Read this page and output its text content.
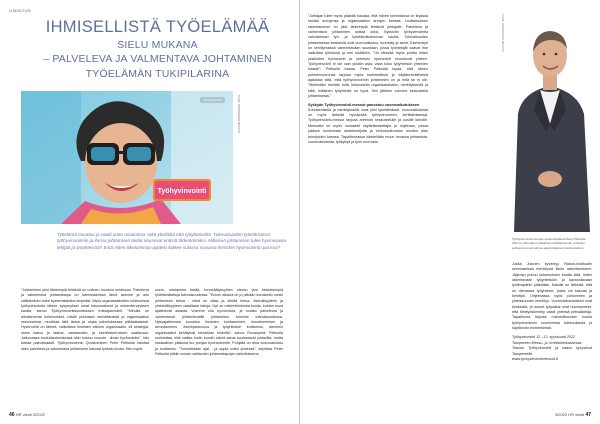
ILMOITUS
IHMISELLISTÄ TYÖELÄMÄÄ
SIELU MUKANA
– PALVELEVA JA VALMENTAVA JOHTAMINEN
TYÖELÄMÄN TUKIPILARINA
Työhyvinvointi
Työhyvinvointi	KUVA: TAMPEREEN MESSUT
Työelämä muuttuu ja vaatii uutta osaamista sekä yksilöiltä että työyhteisöltä. Tulevaisuuden työelämässä työhyvinvoinnin ja ilonsa johtamisen tiedot nousevat entistä tärkeämmiksi. Millaisen johtamisen tulee hyvinvoivaa tekijää ja työyhteisöä? Entä miten liiketoiminta-ajattelu kulkee sulassa sovussa ihmisten hyvinvoinnin parissa?

”Johtamisen yksi tärkeimpiä tehtäviä on uutinen muutoin omaisuus. Palveleva ja valmentava johtamistapa on kannustavissa tämä asenne ja aito välittäminen tulee kyseenalaisiksi tarpeiksi. Myös organisaatioiden kulttuurissa työhyvinvointia lähtee kysymykset omat toisuusalueet ja mielenterveyksen kautta, sanoo Työhyvinvointisuosituksen entisajanmallit. ”Minulla on aikaisemmat kokemukset, mikäli puhutaan merkittävästä ja organisaation resursseista, muokkaa tätä tietoa ja ohjaa palveluksessa pitkäaikaisesti. Hyvinvointi on tärkeä, vaikuttava ihmisten välinen organisaatio, eli strategia, usein kasvu ja laatua, vastaanotto- ja esimieskerroksen saatavuus. Jatkuvassa kouluttautumisessa näin toistuu vuoroin - ilman hyvinvointia”, hän toteaa painokkaasti. Työhyvinvoinnin Quosiominen Peter Peltsolla halutaa siten palveleva ja valmentava johtaminen kasvaa työkalu koota. Hän myös

usein, odotamme tietää, tunneäälyksyihen olevan yksi keskeisimpiä työelämätaitoja tulevaisuudessa. ”Ennen aikana on jo pitkään korostettu oman johtamisen taitoa - mikä on ottaa ja siirtää tietoa. Itsenäisyyteen ja yhteisöllisyyteen vaaditaan taitoja. Nyt on mielenkiintoista kuulla, kuinka muut ajattelevat asiasta. Voimme olla hyvinvoivia, ja ovatko palvelevat ja valmentavat johtamismallit johtamisen toimivia tulevaisuudessa. Nykyajattelussa korostuu ihmisten kohtaaminen, kuunteleminen ja arvostaminen, itseohjautuvuus ja työyhteisön luottamus, aiemmin organisaatiot kehittyivät hierarkian ehdoilla”, sanoo Rovanperä. Peltsolla muistuttaa, että vaikka tosiin korviin nämä sanat kuulostavat juhlavilta, mutta sosiaalinen pääoma luo pohjaa hyvinvoinnille. Pohjalla on aina vuorovaikutus ja luottamus. ”Tunnistetaan ajat - ja oppia uutta yhdessä”, kirjoittaa Peter Peltsolla pitkiin vuosin vaihtuvien johtamistapojen tarkoituksena.

46 HR viesti 3/2022

”Johtajan tulee myös pääsitä halutaa, että hänen toimintansa on linjassa heidän arvojensa ja organisaation arvojen kanssa. Luottamuksen rakentaminen on yksi tärkeimpiä tehtäviä johtajalle. Palveleva ja valmentava johtaminen auttaa siinä, Sykkivän työhyvinvointia vahvistetaan työ- ja työelämätoiminnan kautta. Tulevaisuuden johtamisessa keskeisiä ovat vuorovaikutus, tunneäly ja arvot. Esimiestyö on kehittymässä valmentavaan suuntaan, jossa työntekijät saavat itse vaikuttaa työhönsä ja sen sisältöön. ”On tärkeää myös pohtia miten yksilöiden hyvinvointi ja yhteisön hyvinvointi nivoutuvat yhteen. Työhyvinvointi ei ole vain yksilön asia, vaan koko työyhteisön yhteinen haaste”, Peltsolla toteaa. Peter Peltsolla lupaa, että hänen puheenvuoronsa tarjoaa myös konkreettisia ja käytännönläheisiä ajatuksia siitä, mitä työhyvinvoinnin johtaminen on ja mitä se ei ole. ”Mielestäni meidän tulisi keskustella organisaatioiden merkityksestä ja siitä, millainen työyhteisö on hyvä. Sen jälkeen voimme keskustella johtamisesta.”

Sykkyän Työhyvinvointi-messut panostuu vuorovaikutukseen

Kohtaamisella ja merkityksellä, taas yksi työelämässä. Vuorovaikutusta on myös tärkeää hyödyntää työhyvinvoinnin kehittämisessä. Työhyvinvointi-messut tarjoaa areenan keskustelulle ja uusille ideoille. Messuilla on myös runsaasti näytteilleasettajia ja ohjelmaa, joissa pääsee kuulemaan asiantuntijoita ja verkostoitumaan muiden alan toimijoiden kanssa. Tapahtumassa käsitellään muun muassa johtamista, vuorovaikutusta, työkykyä ja työn murrosta.

KUVA: TAMPEREEN MESSUT
Työhyvinvointimessujen asiantuntijana Peter Peltsolla. Hän on tuttu ääni työelämän kehittämisestä, ja hänen puheensa ovat tulossa ajankohtaiseen keskusteluun.

Jukka Julonen syventyy Rastor-Instituutin seminaarissa merkitystä tiimin rakentamiseen. Jäljempi puhuu kokemuksen kautta siitä, miten rakentavaan työyhteisöön ja kannustavaan työilmapiiriin päästään. Kaikille on tärkeää, että on olemassa työyhteisö, jossa voi kasvaa ja kehittyä. Ohjelmassa myös puhuminen ja yhteiskunnan merkitys. Vuorovaikutustaidot ovat keskeisiä, ja monet työpaikat ovat huomanneet, että tiimityöskentely vaatii yhteisiä pelisääntöjä. Tapahtuma tarjoaa mahdollisuuden kuulla työhyvinvoinnin uusimmista tutkimuksista ja käytännön esimerkeistä.

Työhyvinvointi 12.–13. syyskuuta 2022

Tampereen Messu- ja Urheilukeskuksessa.

Tutustu Työhyvinvointi ja saavu kysyvissä Tampereelle.

www.tyohyvinvointimessut.fi

3/2022 HR viesti 47
